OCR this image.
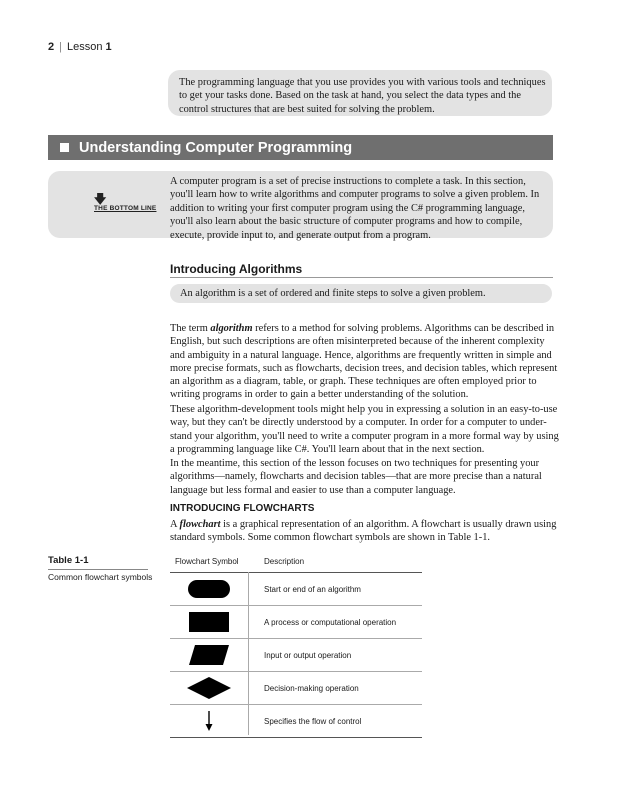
2 | Lesson 1
The programming language that you use provides you with various tools and techniques
to get your tasks done. Based on the task at hand, you select the data types and the
control structures that are best suited for solving the problem.
Understanding Computer Programming
🡇
THE BOTTOM LINE
A computer program is a set of precise instructions to complete a task. In this section,
you'll learn how to write algorithms and computer programs to solve a given problem. In
addition to writing your first computer program using the C# programming language,
you'll also learn about the basic structure of computer programs and how to compile,
execute, provide input to, and generate output from a program.
Introducing Algorithms
An algorithm is a set of ordered and finite steps to solve a given problem.
The term algorithm refers to a method for solving problems. Algorithms can be described in
English, but such descriptions are often misinterpreted because of the inherent complexity
and ambiguity in a natural language. Hence, algorithms are frequently written in simple and
more precise formats, such as flowcharts, decision trees, and decision tables, which represent
an algorithm as a diagram, table, or graph. These techniques are often employed prior to
writing programs in order to gain a better understanding of the solution.
These algorithm-development tools might help you in expressing a solution in an easy-to-use
way, but they can't be directly understood by a computer. In order for a computer to under-
stand your algorithm, you'll need to write a computer program in a more formal way by using
a programming language like C#. You'll learn about that in the next section.
In the meantime, this section of the lesson focuses on two techniques for presenting your
algorithms—namely, flowcharts and decision tables—that are more precise than a natural
language but less formal and easier to use than a computer language.
INTRODUCING FLOWCHARTS
A flowchart is a graphical representation of an algorithm. A flowchart is usually drawn using
standard symbols. Some common flowchart symbols are shown in Table 1-1.
Table 1-1
Common flowchart symbols
Flowchart Symbol	Description
Start or end of an algorithm
A process or computational operation
Input or output operation
Decision-making operation
Specifies the flow of control
